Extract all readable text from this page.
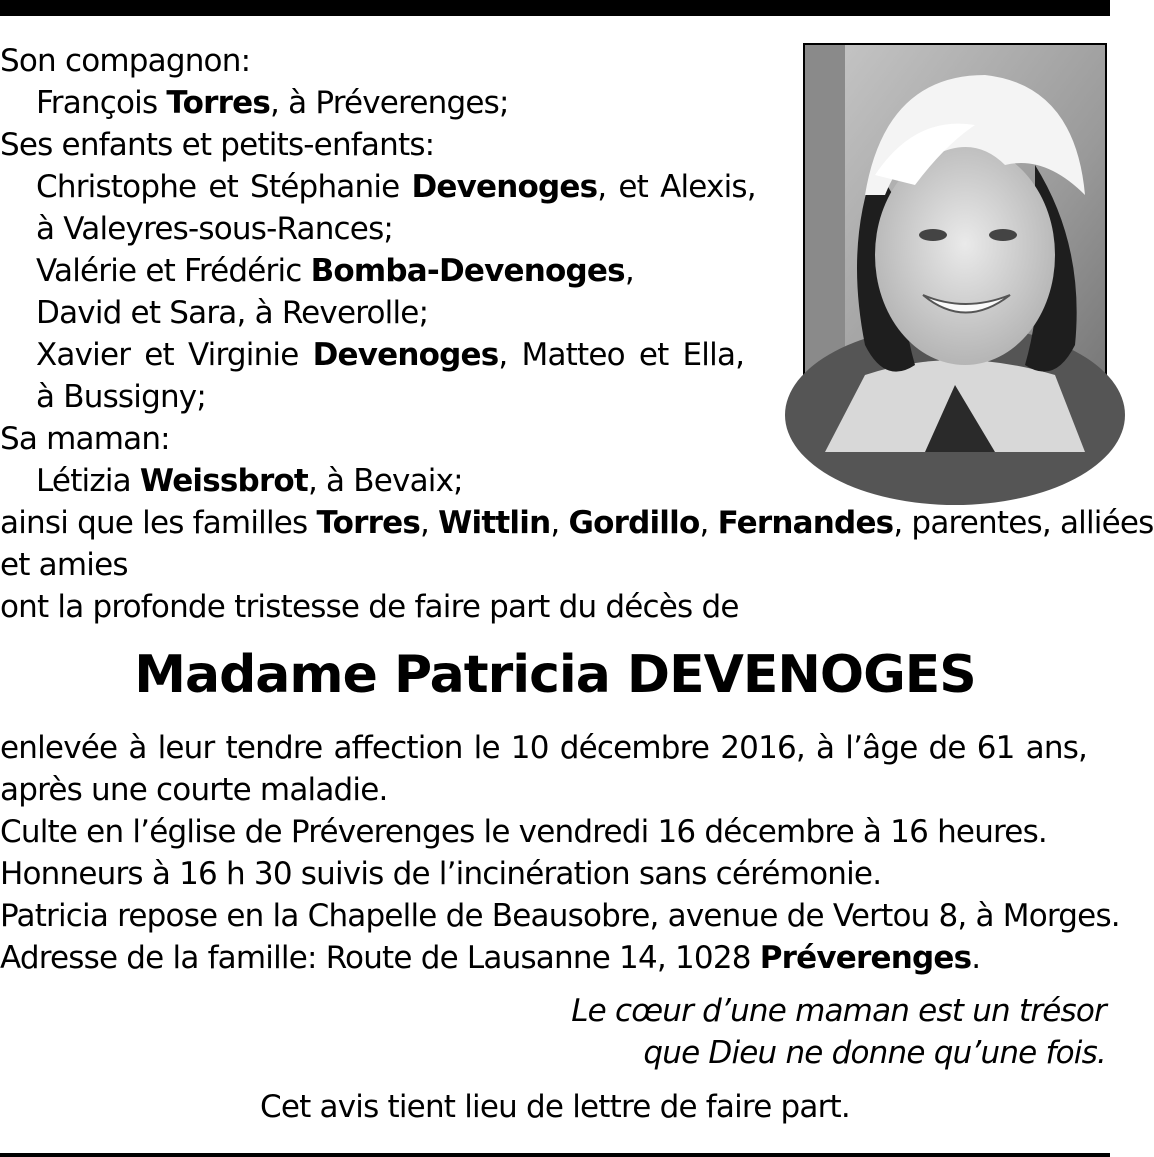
Son compagnon:
François Torres, à Préverenges;
Ses enfants et petits-enfants:
Christophe et Stéphanie Devenoges, et Alexis,
à Valeyres-sous-Rances;
Valérie et Frédéric Bomba-Devenoges,
David et Sara, à Reverolle;
Xavier et Virginie Devenoges, Matteo et Ella,
à Bussigny;
Sa maman:
Létizia Weissbrot, à Bevaix;
ainsi que les familles Torres, Wittlin, Gordillo, Fernandes, parentes, alliées
et amies
ont la profonde tristesse de faire part du décès de
Madame Patricia DEVENOGES
enlevée à leur tendre affection le 10 décembre 2016, à l’âge de 61 ans,
après une courte maladie.
Culte en l’église de Préverenges le vendredi 16 décembre à 16 heures.
Honneurs à 16 h 30 suivis de l’incinération sans cérémonie.
Patricia repose en la Chapelle de Beausobre, avenue de Vertou 8, à Morges.
Adresse de la famille: Route de Lausanne 14, 1028 Préverenges.
Le cœur d’une maman est un trésor
que Dieu ne donne qu’une fois.
Cet avis tient lieu de lettre de faire part.
